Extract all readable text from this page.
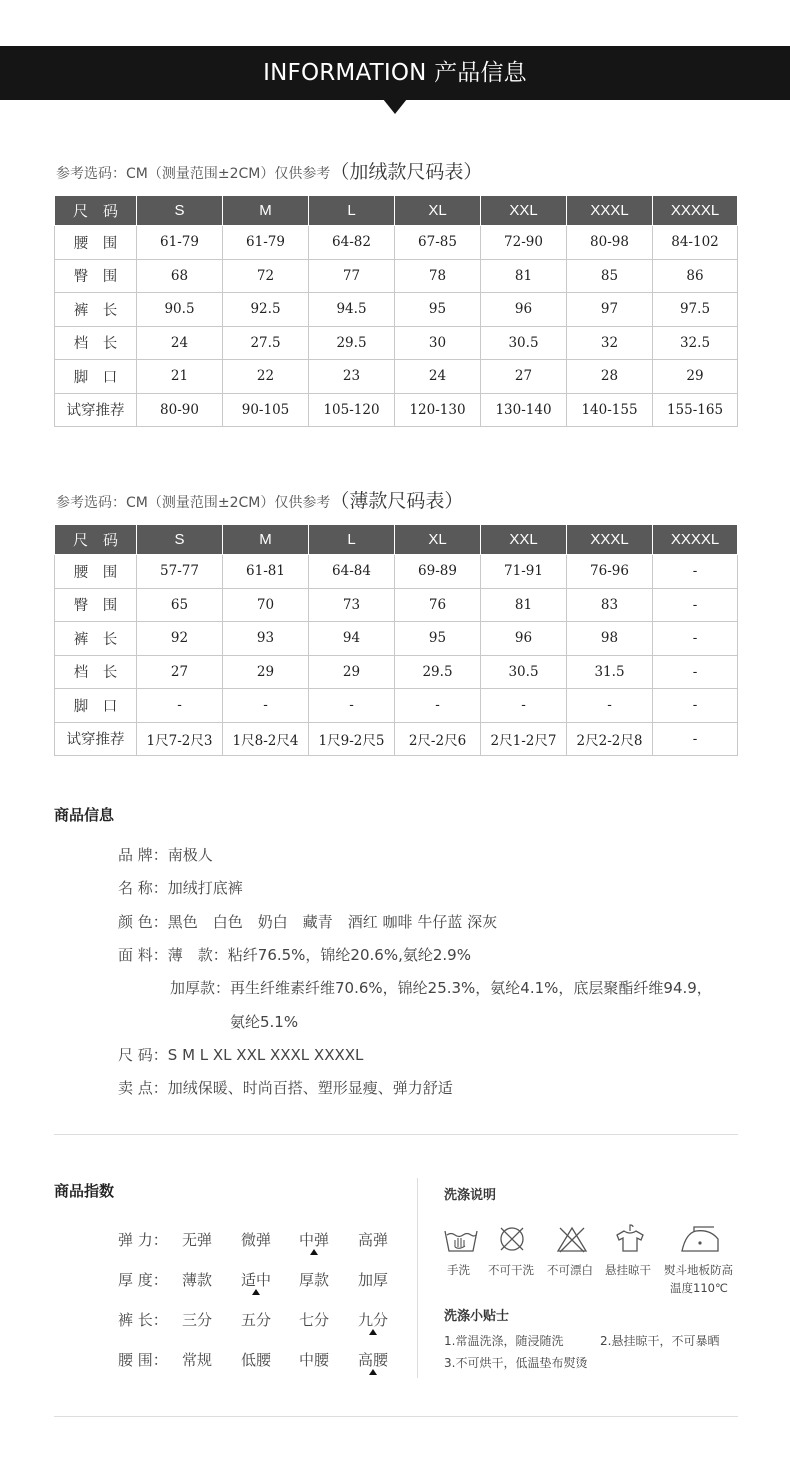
INFORMATION 产品信息
参考选码：CM（测量范围±2CM）仅供参考（加绒款尺码表）
尺　码	S	M	L	XL	XXL	XXXL	XXXXL
腰　围	61-79	61-79	64-82	67-85	72-90	80-98	84-102
臀　围	68	72	77	78	81	85	86
裤　长	90.5	92.5	94.5	95	96	97	97.5
档　长	24	27.5	29.5	30	30.5	32	32.5
脚　口	21	22	23	24	27	28	29
试穿推荐	80-90	90-105	105-120	120-130	130-140	140-155	155-165
参考选码：CM（测量范围±2CM）仅供参考（薄款尺码表）
尺　码	S	M	L	XL	XXL	XXXL	XXXXL
腰　围	57-77	61-81	64-84	69-89	71-91	76-96	-
臀　围	65	70	73	76	81	83	-
裤　长	92	93	94	95	96	98	-
档　长	27	29	29	29.5	30.5	31.5	-
脚　口	-	-	-	-	-	-	-
试穿推荐	1尺7-2尺3	1尺8-2尺4	1尺9-2尺5	2尺-2尺6	2尺1-2尺7	2尺2-2尺8	-
商品信息
品 牌：南极人
名 称：加绒打底裤
颜 色：黑色　白色　奶白　藏青　酒红 咖啡 牛仔蓝 深灰
面 料：薄　款：粘纤76.5%，锦纶20.6%,氨纶2.9%
加厚款：再生纤维素纤维70.6%，锦纶25.3%，氨纶4.1%，底层聚酯纤维94.9，
氨纶5.1%
尺 码：S M L XL XXL XXXL XXXXL
卖 点：加绒保暖、时尚百搭、塑形显瘦、弹力舒适
商品指数
弹 力： 无弹 微弹 中弹 高弹
厚 度： 薄款 适中 厚款 加厚
裤 长： 三分 五分 七分 九分
腰 围： 常规 低腰 中腰 高腰
洗涤说明
手洗 不可干洗 不可漂白 悬挂晾干 熨斗地板防高
温度110℃
洗涤小贴士
1.常温洗涤，随浸随洗	2.悬挂晾干，不可暴晒
3.不可烘干，低温垫布熨烫
